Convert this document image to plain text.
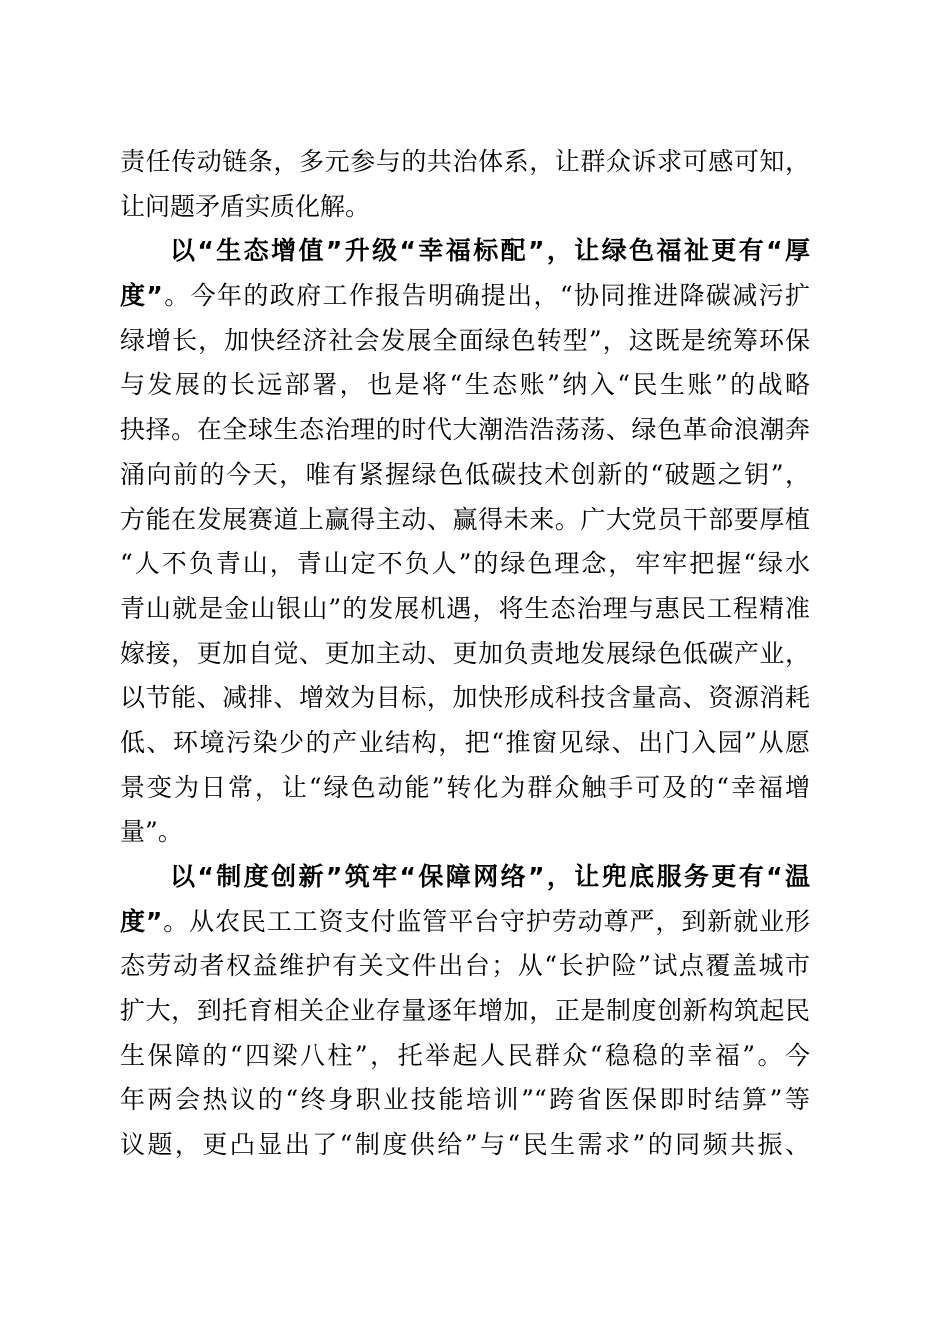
责任传动链条，多元参与的共治体系，让群众诉求可感可知，
让问题矛盾实质化解。
以“生态增值”升级“幸福标配”，让绿色福祉更有“厚
度”。今年的政府工作报告明确提出，“协同推进降碳减污扩
绿增长，加快经济社会发展全面绿色转型”，这既是统筹环保
与发展的长远部署，也是将“生态账”纳入“民生账”的战略
抉择。在全球生态治理的时代大潮浩浩荡荡、绿色革命浪潮奔
涌向前的今天，唯有紧握绿色低碳技术创新的“破题之钥”，
方能在发展赛道上赢得主动、赢得未来。广大党员干部要厚植
“人不负青山，青山定不负人”的绿色理念，牢牢把握“绿水
青山就是金山银山”的发展机遇，将生态治理与惠民工程精准
嫁接，更加自觉、更加主动、更加负责地发展绿色低碳产业，
以节能、减排、增效为目标，加快形成科技含量高、资源消耗
低、环境污染少的产业结构，把“推窗见绿、出门入园”从愿
景变为日常，让“绿色动能”转化为群众触手可及的“幸福增
量”。
以“制度创新”筑牢“保障网络”，让兜底服务更有“温
度”。从农民工工资支付监管平台守护劳动尊严，到新就业形
态劳动者权益维护有关文件出台；从“长护险”试点覆盖城市
扩大，到托育相关企业存量逐年增加，正是制度创新构筑起民
生保障的“四梁八柱”，托举起人民群众“稳稳的幸福”。今
年两会热议的“终身职业技能培训”“跨省医保即时结算”等
议题，更凸显出了“制度供给”与“民生需求”的同频共振、
